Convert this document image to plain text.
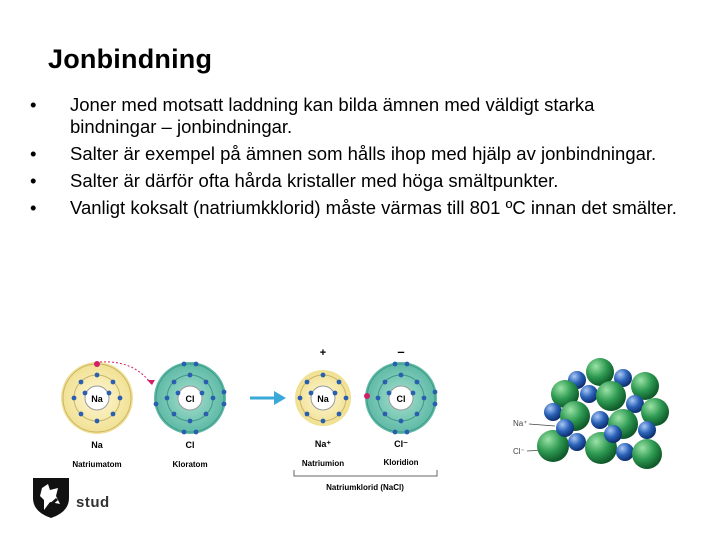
Jonbindning
•	Joner med motsatt laddning kan bilda ämnen med väldigt starka bindningar – jonbindningar.
•	Salter är exempel på ämnen som hålls ihop med hjälp av jonbindningar.
•	Salter är därför ofta hårda kristaller med höga smältpunkter.
•	Vanligt koksalt (natriumkklorid) måste värmas till 801 ºC innan det smälter.
Na	Cl
Na	Cl
Natriumatom	Kloratom
+
Na
–
Cl
Na⁺	Cl⁻
Natriumion	Kloridion
Natriumklorid (NaCl)
Na⁺
Cl⁻
stud
